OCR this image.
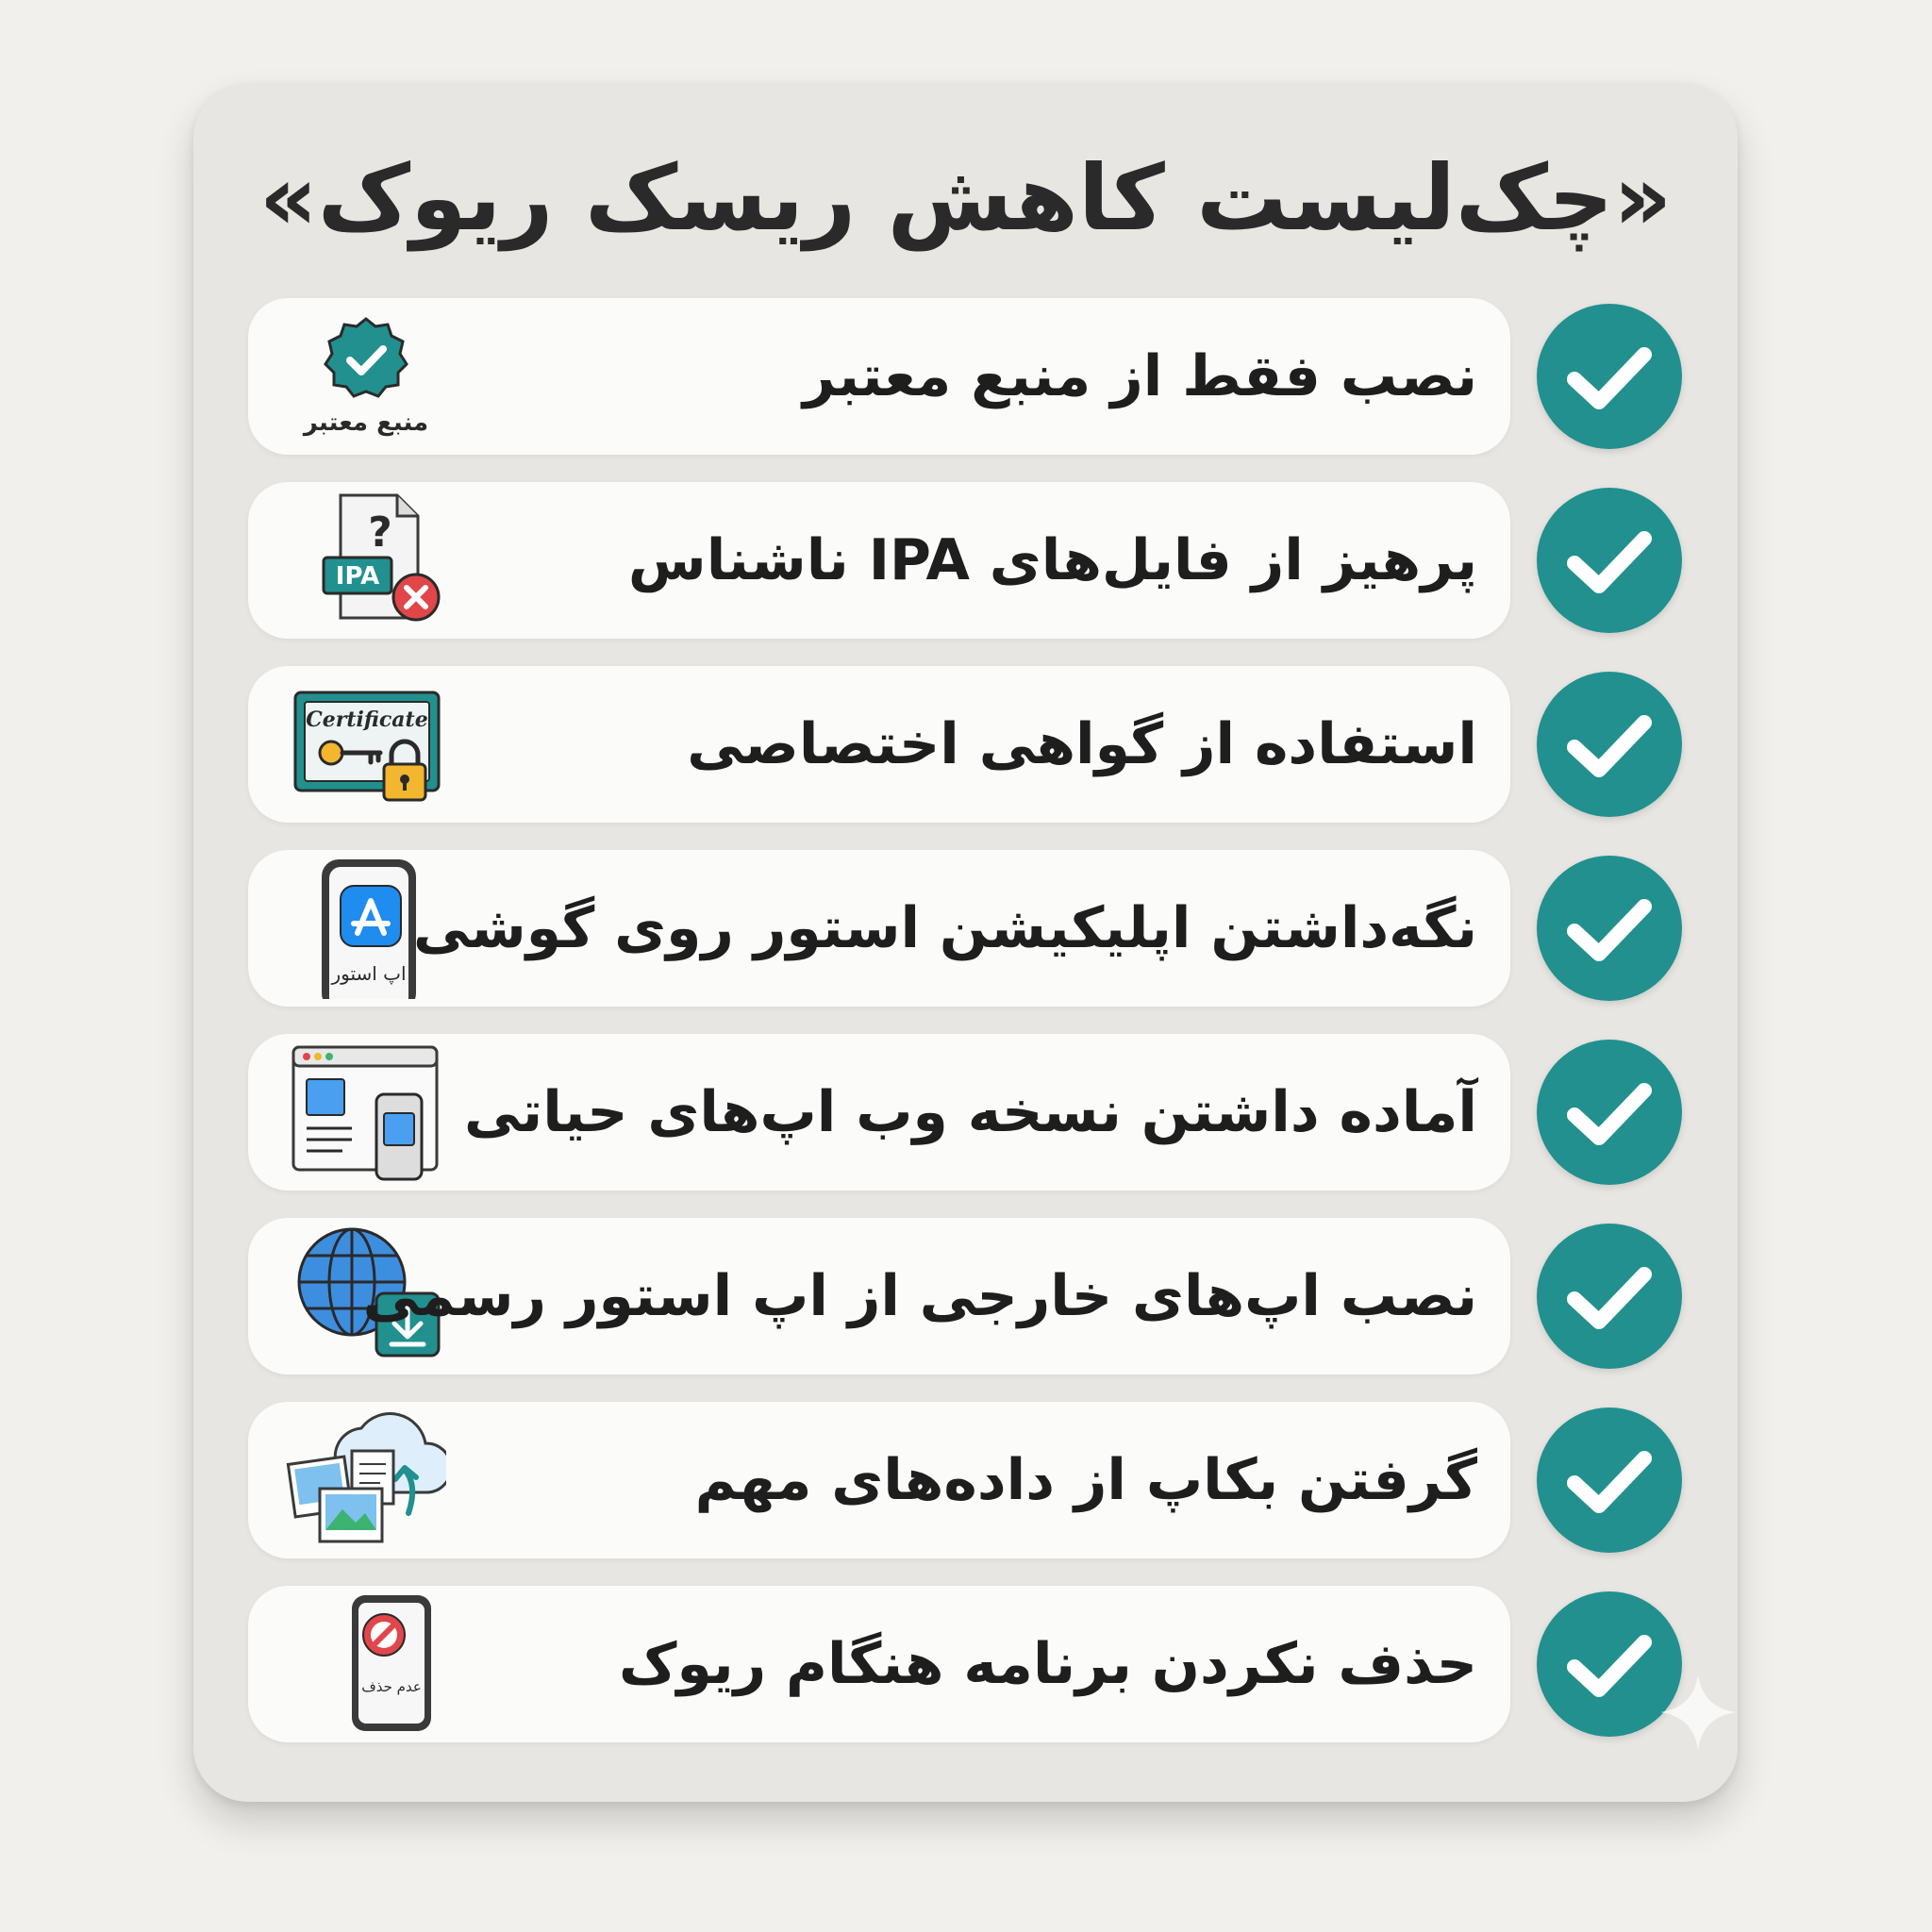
«چک‌لیست کاهش ریسک ریوک»
منبع معتبر
نصب فقط از منبع معتبر
?
IPA	پرهیز از فایل‌های IPA ناشناس
Certificate	استفاده از گواهی اختصاصی
اپ استور
نگه‌داشتن اپلیکیشن استور روی گوشی
آماده داشتن نسخه وب اپ‌های حیاتی
نصب اپ‌های خارجی از اپ استور رسمی
گرفتن بکاپ از داده‌های مهم
عدم حذف	حذف نکردن برنامه هنگام ریوک
